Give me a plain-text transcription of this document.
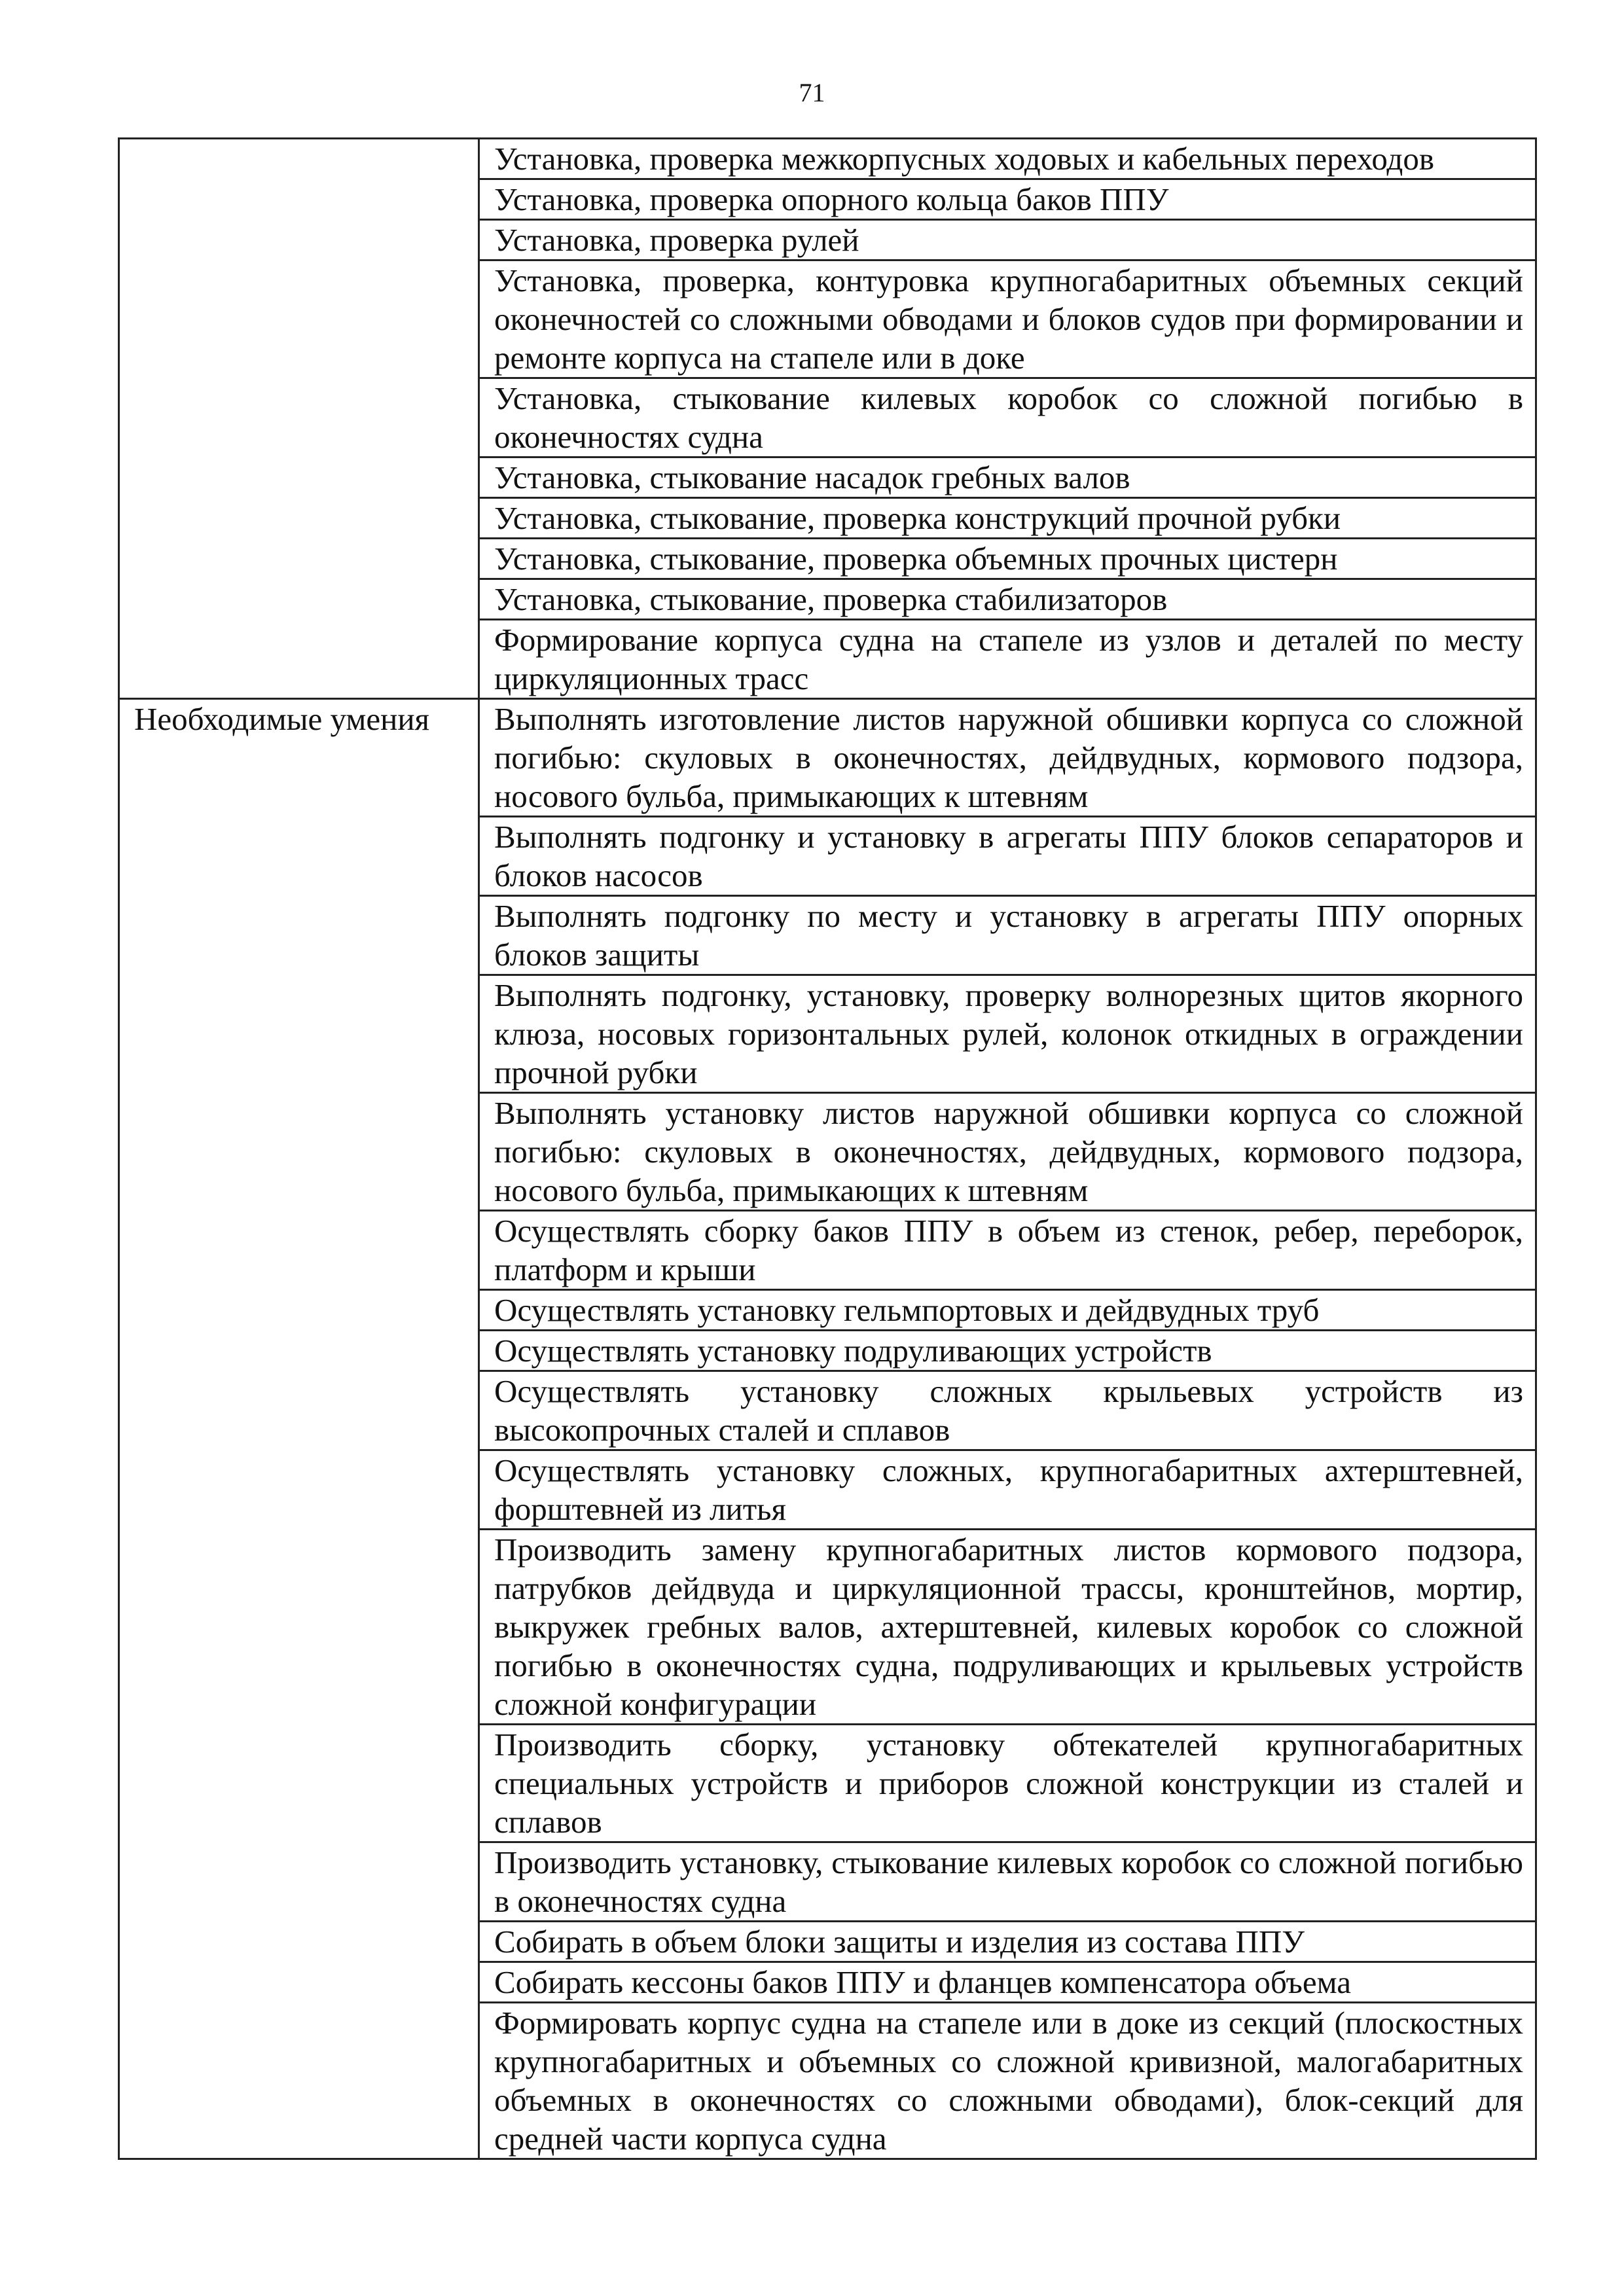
71
	Установка, проверка межкорпусных ходовых и кабельных переходов
	Установка, проверка опорного кольца баков ППУ
	Установка, проверка рулей
	Установка, проверка, контуровка крупногабаритных объемных секций оконечностей со сложными обводами и блоков судов при формировании и ремонте корпуса на стапеле или в доке
	Установка, стыкование килевых коробок со сложной погибью в оконечностях судна
	Установка, стыкование насадок гребных валов
	Установка, стыкование, проверка конструкций прочной рубки
	Установка, стыкование, проверка объемных прочных цистерн
	Установка, стыкование, проверка стабилизаторов
	Формирование корпуса судна на стапеле из узлов и деталей по месту циркуляционных трасс
Необходимые умения	Выполнять изготовление листов наружной обшивки корпуса со сложной погибью: скуловых в оконечностях, дейдвудных, кормового подзора, носового бульба, примыкающих к штевням
	Выполнять подгонку и установку в агрегаты ППУ блоков сепараторов и блоков насосов
	Выполнять подгонку по месту и установку в агрегаты ППУ опорных блоков защиты
	Выполнять подгонку, установку, проверку волнорезных щитов якорного клюза, носовых горизонтальных рулей, колонок откидных в ограждении прочной рубки
	Выполнять установку листов наружной обшивки корпуса со сложной погибью: скуловых в оконечностях, дейдвудных, кормового подзора, носового бульба, примыкающих к штевням
	Осуществлять сборку баков ППУ в объем из стенок, ребер, переборок, платформ и крыши
	Осуществлять установку гельмпортовых и дейдвудных труб
	Осуществлять установку подруливающих устройств
	Осуществлять установку сложных крыльевых устройств из высокопрочных сталей и сплавов
	Осуществлять установку сложных, крупногабаритных ахтерштевней, форштевней из литья
	Производить замену крупногабаритных листов кормового подзора, патрубков дейдвуда и циркуляционной трассы, кронштейнов, мортир, выкружек гребных валов, ахтерштевней, килевых коробок со сложной погибью в оконечностях судна, подруливающих и крыльевых устройств сложной конфигурации
	Производить сборку, установку обтекателей крупногабаритных специальных устройств и приборов сложной конструкции из сталей и сплавов
	Производить установку, стыкование килевых коробок со сложной погибью в оконечностях судна
	Собирать в объем блоки защиты и изделия из состава ППУ
	Собирать кессоны баков ППУ и фланцев компенсатора объема
	Формировать корпус судна на стапеле или в доке из секций (плоскостных крупногабаритных и объемных со сложной кривизной, малогабаритных объемных в оконечностях со сложными обводами), блок-секций для средней части корпуса судна
